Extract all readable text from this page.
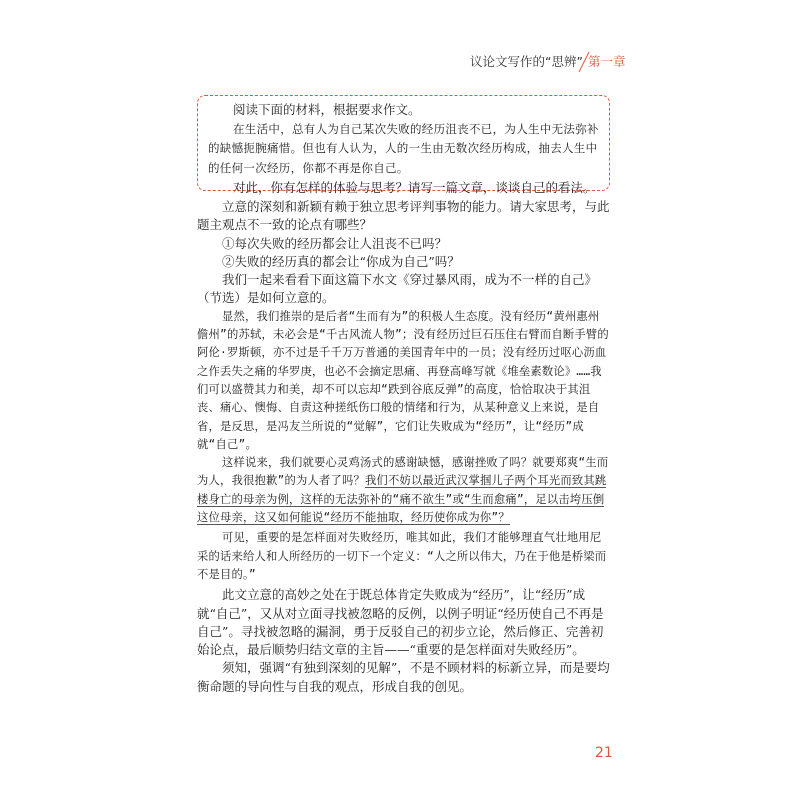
议论文写作的“思辨” 第一章

阅读下面的材料，根据要求作文。

在生活中，总有人为自己某次失败的经历沮丧不已，为人生中无法弥补的缺憾扼腕痛惜。但也有人认为，人的一生由无数次经历构成，抽去人生中的任何一次经历，你都不再是你自己。

对此，你有怎样的体验与思考？请写一篇文章，谈谈自己的看法。

立意的深刻和新颖有赖于独立思考评判事物的能力。请大家思考，与此题主观点不一致的论点有哪些？

①每次失败的经历都会让人沮丧不已吗？

②失败的经历真的都会让“你成为自己”吗？

我们一起来看看下面这篇下水文《穿过暴风雨，成为不一样的自己》（节选）是如何立意的。

显然，我们推崇的是后者“生而有为”的积极人生态度。没有经历“黄州惠州儋州”的苏轼，未必会是“千古风流人物”；没有经历过巨石压住右臂而自断手臂的阿伦·罗斯顿，亦不过是千千万万普通的美国青年中的一员；没有经历过呕心沥血之作丢失之痛的华罗庚，也必不会摘定思痛、再登高峰写就《堆垒素数论》……我们可以盛赞其力和美，却不可以忘却“跌到谷底反弹”的高度，恰恰取决于其沮丧、痛心、懊悔、自责这种搓纸伤口般的情绪和行为，从某种意义上来说，是自省，是反思，是冯友兰所说的“觉解”，它们让失败成为“经历”，让“经历”成就“自己”。

这样说来，我们就要心灵鸡汤式的感谢缺憾，感谢挫败了吗？就要郑爽“生而为人，我很抱歉”的为人者了吗？我们不妨以最近武汉掌掴儿子两个耳光而致其跳楼身亡的母亲为例，这样的无法弥补的“痛不欲生”或“生而愈痛”，足以击垮压倒这位母亲，这又如何能说“经历不能抽取，经历使你成为你”？

可见，重要的是怎样面对失败经历，唯其如此，我们才能够理直气壮地用尼采的话来给人和人所经历的一切下一个定义：“人之所以伟大，乃在于他是桥梁而不是目的。”

此文立意的高妙之处在于既总体肯定失败成为“经历”，让“经历”成就“自己”，又从对立面寻找被忽略的反例，以例子明证“经历使自己不再是自己”。寻找被忽略的漏洞，勇于反驳自己的初步立论，然后修正、完善初始论点，最后顺势归结文章的主旨——“重要的是怎样面对失败经历”。

须知，强调“有独到深刻的见解”，不是不顾材料的标新立异，而是要均衡命题的导向性与自我的观点，形成自我的创见。

21
